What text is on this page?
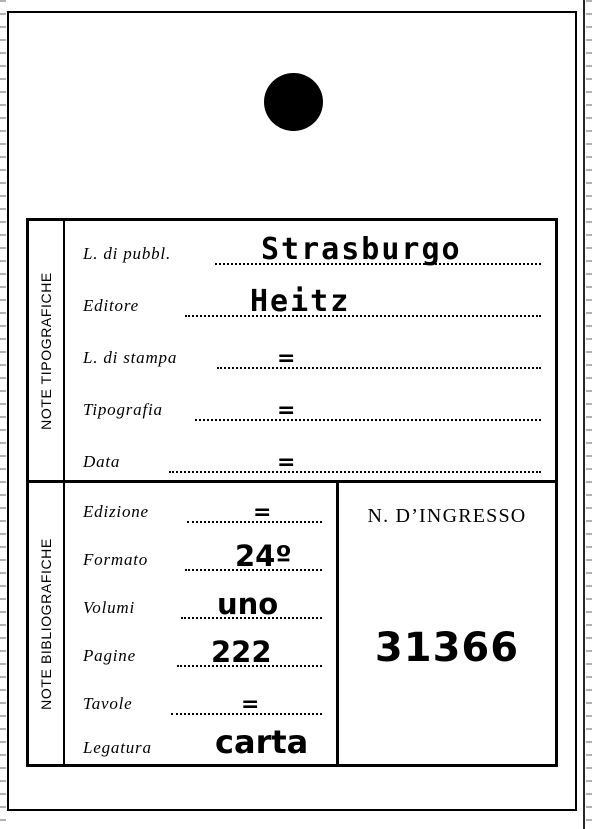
NOTE TIPOGRAFICHE
L. di pubbl.	Strasburgo
Editore	Heitz
L. di stampa	=
Tipografia	=
Data	=
NOTE BIBLIOGRAFICHE
Edizione	=
Formato	24º
Volumi	uno
Pagine	222
Tavole	=
Legatura carta
N. D’INGRESSO
31366
